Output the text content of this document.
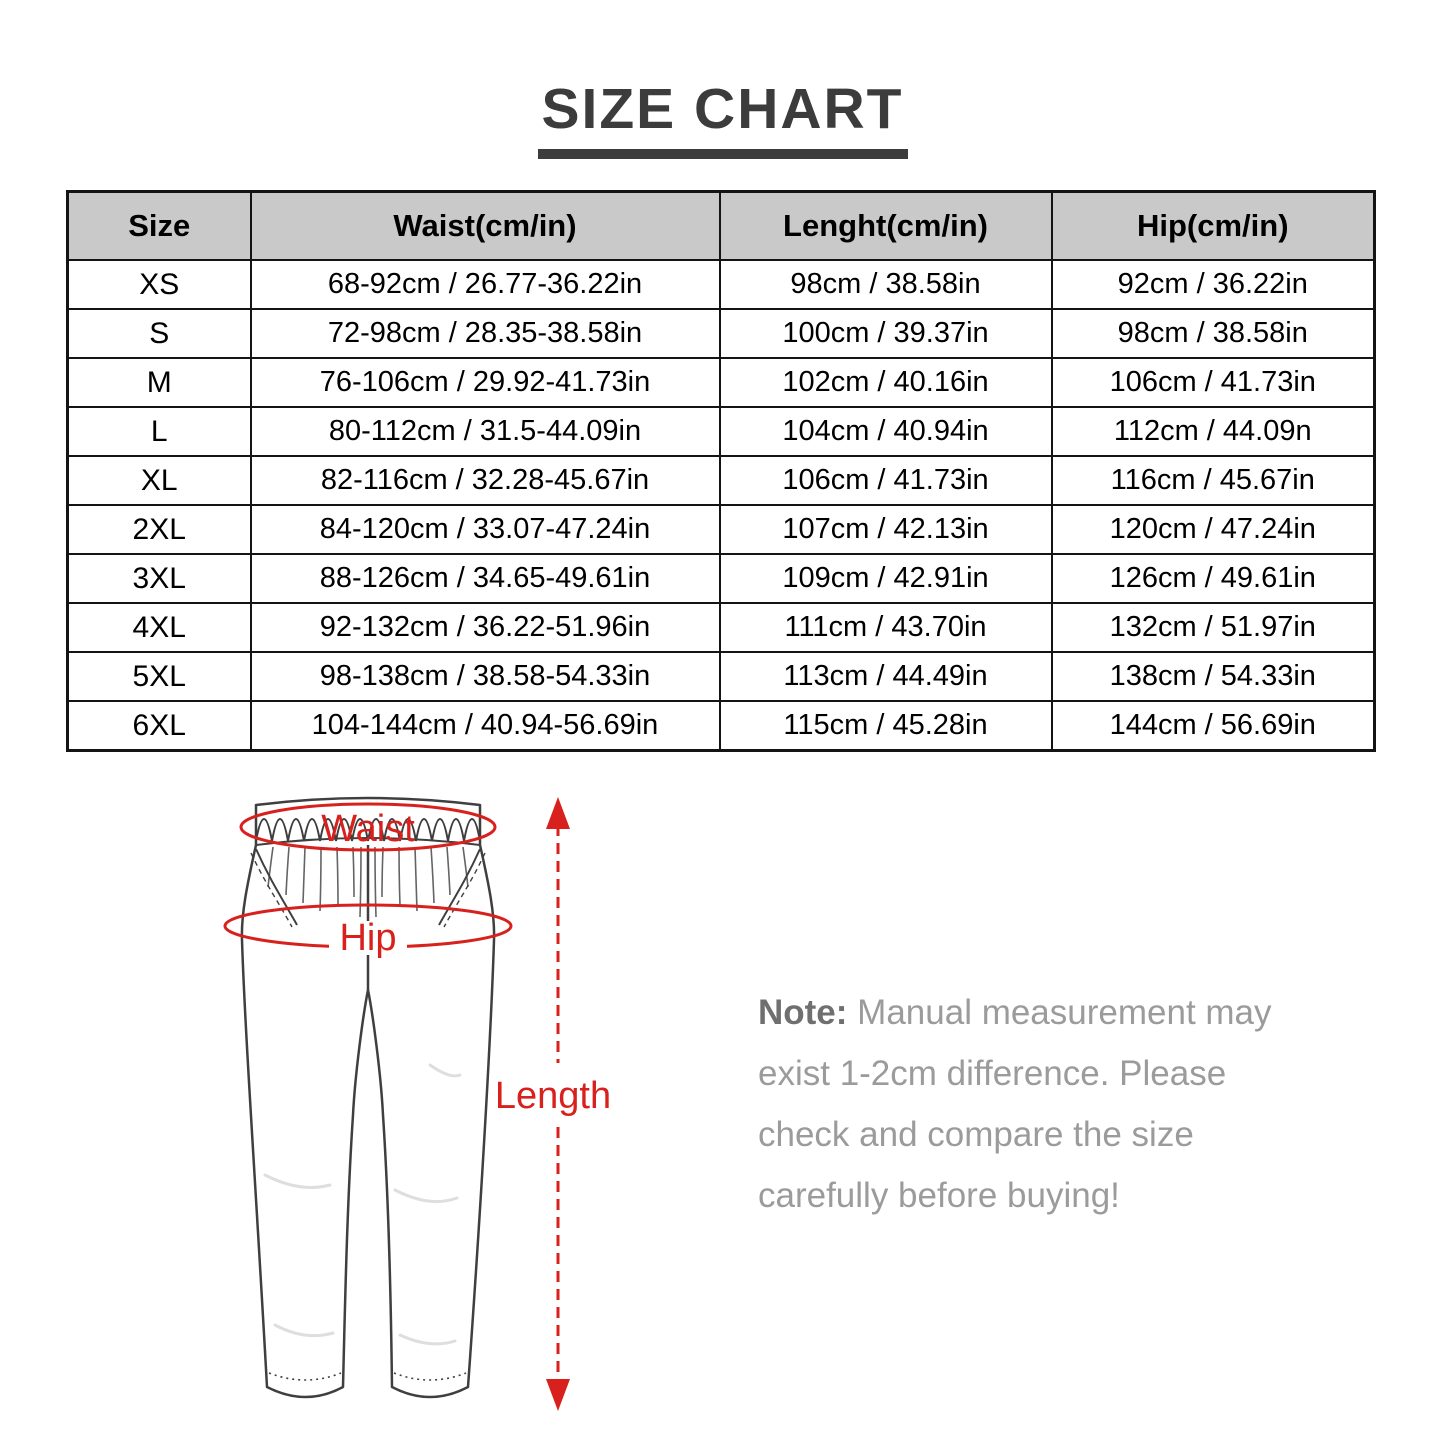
SIZE CHART
Size	Waist(cm/in)	Lenght(cm/in)	Hip(cm/in)
XS	68-92cm / 26.77-36.22in	98cm / 38.58in	92cm / 36.22in
S	72-98cm / 28.35-38.58in	100cm / 39.37in	98cm / 38.58in
M	76-106cm / 29.92-41.73in	102cm / 40.16in	106cm / 41.73in
L	80-112cm / 31.5-44.09in	104cm / 40.94in	112cm / 44.09n
XL	82-116cm / 32.28-45.67in	106cm / 41.73in	116cm / 45.67in
2XL	84-120cm / 33.07-47.24in	107cm / 42.13in	120cm / 47.24in
3XL	88-126cm / 34.65-49.61in	109cm / 42.91in	126cm / 49.61in
4XL	92-132cm / 36.22-51.96in	111cm / 43.70in	132cm / 51.97in
5XL	98-138cm / 38.58-54.33in	113cm / 44.49in	138cm / 54.33in
6XL	104-144cm / 40.94-56.69in	115cm / 45.28in	144cm / 56.69in
Waist
Hip
Length
Note: Manual measurement may
exist 1-2cm difference. Please
check and compare the size
carefully before buying!
